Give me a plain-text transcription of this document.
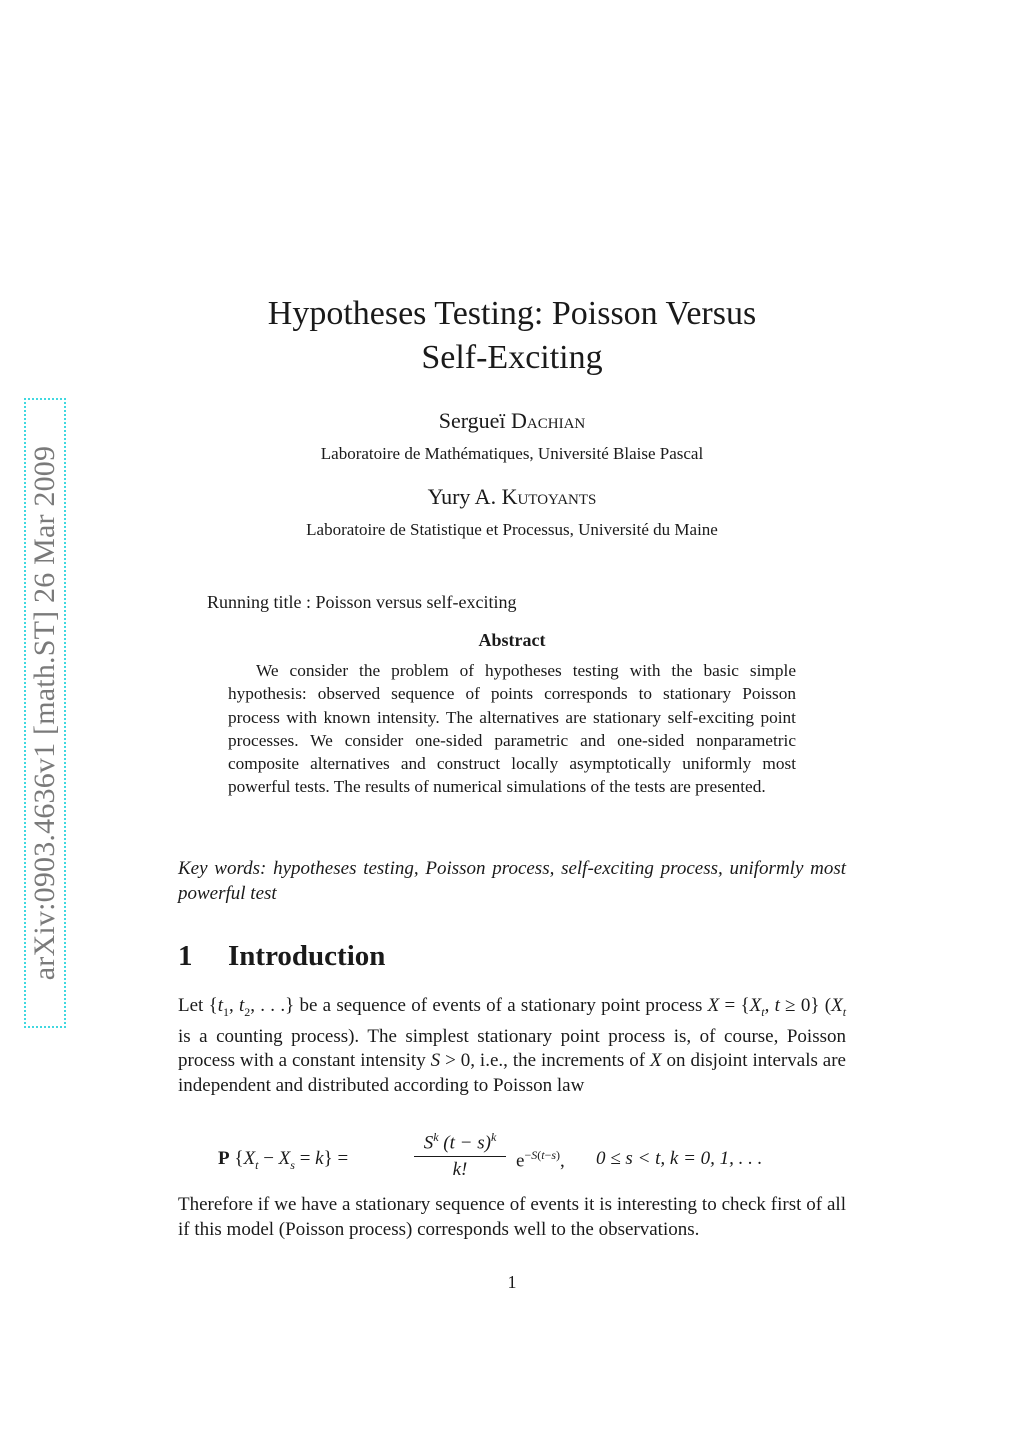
arXiv:0903.4636v1 [math.ST] 26 Mar 2009
Hypotheses Testing: Poisson Versus
Self-Exciting
Sergueï Dachian
Laboratoire de Mathématiques, Université Blaise Pascal
Yury A. Kutoyants
Laboratoire de Statistique et Processus, Université du Maine
Running title : Poisson versus self-exciting
Abstract

We consider the problem of hypotheses testing with the basic simple hypothesis: observed sequence of points corresponds to stationary Poisson process with known intensity. The alternatives are stationary self-exciting point processes. We consider one-sided parametric and one-sided nonparametric composite alternatives and construct locally asymptotically uniformly most powerful tests. The results of numerical simulations of the tests are presented.

Key words: hypotheses testing, Poisson process, self-exciting process, uniformly most powerful test

1 Introduction

Let {$t_1$, $t_2$, . . .} be a sequence of events of a stationary point process $X = \{X_t$, t ≥ 0} ($X_t$ is a counting process). The simplest stationary point process is, of course, Poisson process with a constant intensity S > 0, i.e., the increments of X on disjoint intervals are independent and distributed according to Poisson law

P $\{X_t - X_s = k\}$ =
$S^k$ $(t - s)^k$
k!	$e^{-S(t-s)}$, 0 ≤ s < t, k = 0, 1, . . .

Therefore if we have a stationary sequence of events it is interesting to check first of all if this model (Poisson process) corresponds well to the observations.

1
